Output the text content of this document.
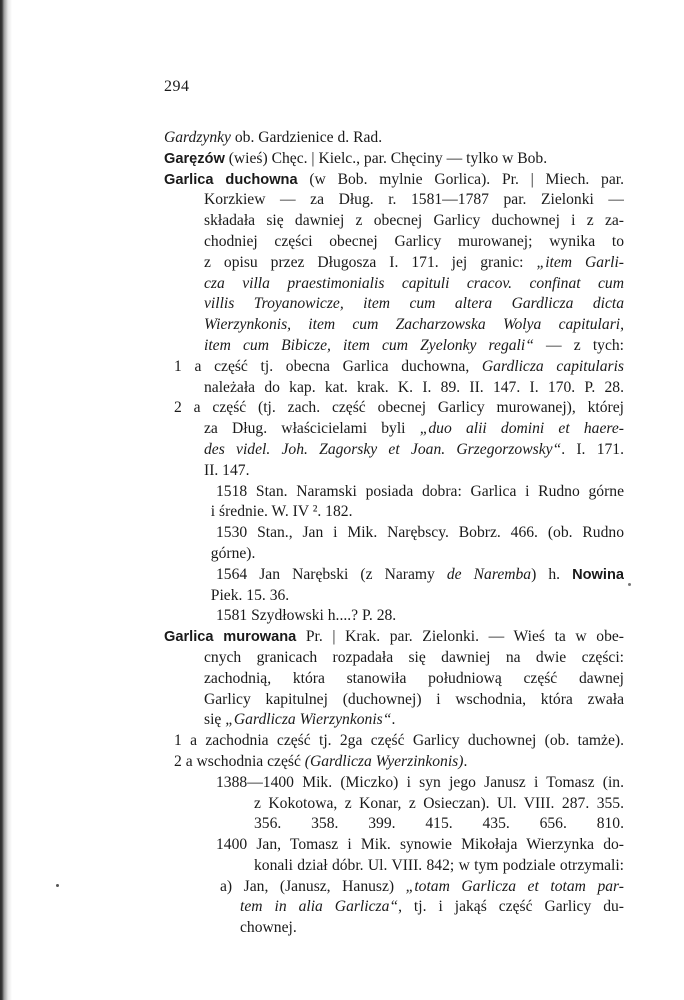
294
Gardzynky ob. Gardzienice d. Rad.
Garęzów (wieś) Chęc. | Kielc., par. Chęciny — tylko w Bob.
Garlica duchowna (w Bob. mylnie Gorlica). Pr. | Miech. par.
Korzkiew — za Dług. r. 1581—1787 par. Zielonki —
składała się dawniej z obecnej Garlicy duchownej i z za-
chodniej części obecnej Garlicy murowanej; wynika to
z opisu przez Długosza I. 171. jej granic: „item Garli-
cza villa praestimonialis capituli cracov. confinat cum
villis Troyanowicze, item cum altera Gardlicza dicta
Wierzynkonis, item cum Zacharzowska Wolya capitulari,
item cum Bibicze, item cum Zyelonky regali“ — z tych:
1 a część tj. obecna Garlica duchowna, Gardlicza capitularis
należała do kap. kat. krak. K. I. 89. II. 147. I. 170. P. 28.
2 a część (tj. zach. część obecnej Garlicy murowanej), której
za Dług. właścicielami byli „duo alii domini et haere-
des videl. Joh. Zagorsky et Joan. Grzegorzowsky“. I. 171.
II. 147.
1518 Stan. Naramski posiada dobra: Garlica i Rudno górne
i średnie. W. IV ². 182.
1530 Stan., Jan i Mik. Narębscy. Bobrz. 466. (ob. Rudno
górne).
1564 Jan Narębski (z Naramy de Naremba) h. Nowina
Piek. 15. 36.
1581 Szydłowski h....? P. 28.
Garlica murowana Pr. | Krak. par. Zielonki. — Wieś ta w obe-
cnych granicach rozpadała się dawniej na dwie części:
zachodnią, która stanowiła południową część dawnej
Garlicy kapitulnej (duchownej) i wschodnia, która zwała
się „Gardlicza Wierzynkonis“.
1 a zachodnia część tj. 2ga część Garlicy duchownej (ob. tamże).
2 a wschodnia część (Gardlicza Wyerzinkonis).
1388—1400 Mik. (Miczko) i syn jego Janusz i Tomasz (in.
z Kokotowa, z Konar, z Osieczan). Ul. VIII. 287. 355.
356. 358. 399. 415. 435. 656. 810.
1400 Jan, Tomasz i Mik. synowie Mikołaja Wierzynka do-
konali dział dóbr. Ul. VIII. 842; w tym podziale otrzymali:
a) Jan, (Janusz, Hanusz) „totam Garlicza et totam par-
tem in alia Garlicza“, tj. i jakąś część Garlicy du-
chownej.
